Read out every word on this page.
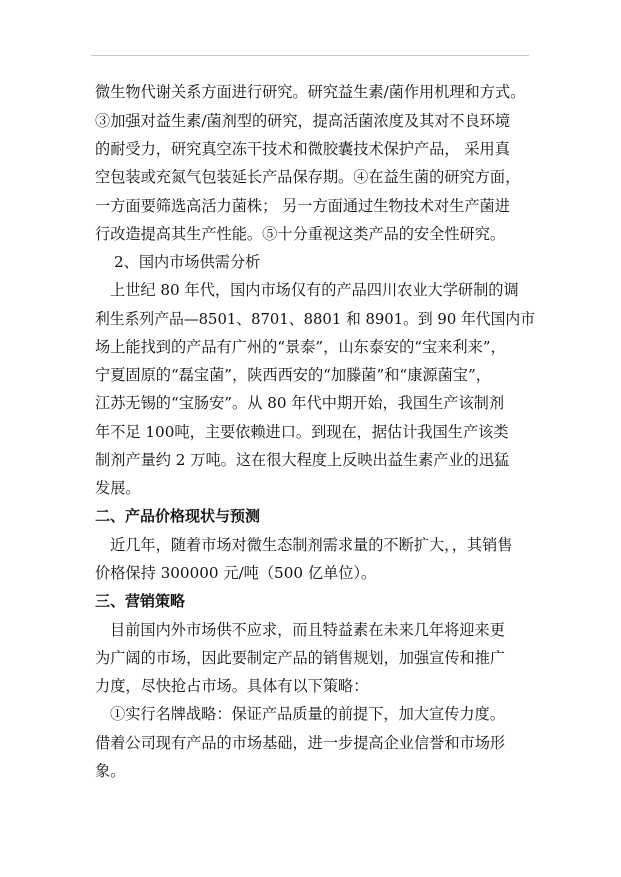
微生物代谢关系方面进行研究。研究益生素/菌作用机理和方式。
③加强对益生素/菌剂型的研究，提高活菌浓度及其对不良环境
的耐受力，研究真空冻干技术和微胶囊技术保护产品， 采用真
空包装或充氮气包装延长产品保存期。④在益生菌的研究方面，
一方面要筛选高活力菌株； 另一方面通过生物技术对生产菌进
行改造提高其生产性能。⑤十分重视这类产品的安全性研究。
2、国内市场供需分析
上世纪 80 年代，国内市场仅有的产品四川农业大学研制的调
利生系列产品—8501、8701、8801 和 8901。到 90 年代国内市
场上能找到的产品有广州的“景泰”，山东泰安的“宝来利来”，
宁夏固原的“磊宝菌”，陕西西安的“加滕菌”和“康源菌宝”，
江苏无锡的“宝肠安”。从 80 年代中期开始，我国生产该制剂
年不足 100吨，主要依赖进口。到现在，据估计我国生产该类
制剂产量约 2 万吨。这在很大程度上反映出益生素产业的迅猛
发展。
二、产品价格现状与预测
近几年，随着市场对微生态制剂需求量的不断扩大，，其销售
价格保持 300000 元/吨（500 亿单位）。
三、营销策略
目前国内外市场供不应求，而且特益素在未来几年将迎来更
为广阔的市场，因此要制定产品的销售规划，加强宣传和推广
力度，尽快抢占市场。具体有以下策略：
①实行名牌战略：保证产品质量的前提下，加大宣传力度。
借着公司现有产品的市场基础，进一步提高企业信誉和市场形
象。
